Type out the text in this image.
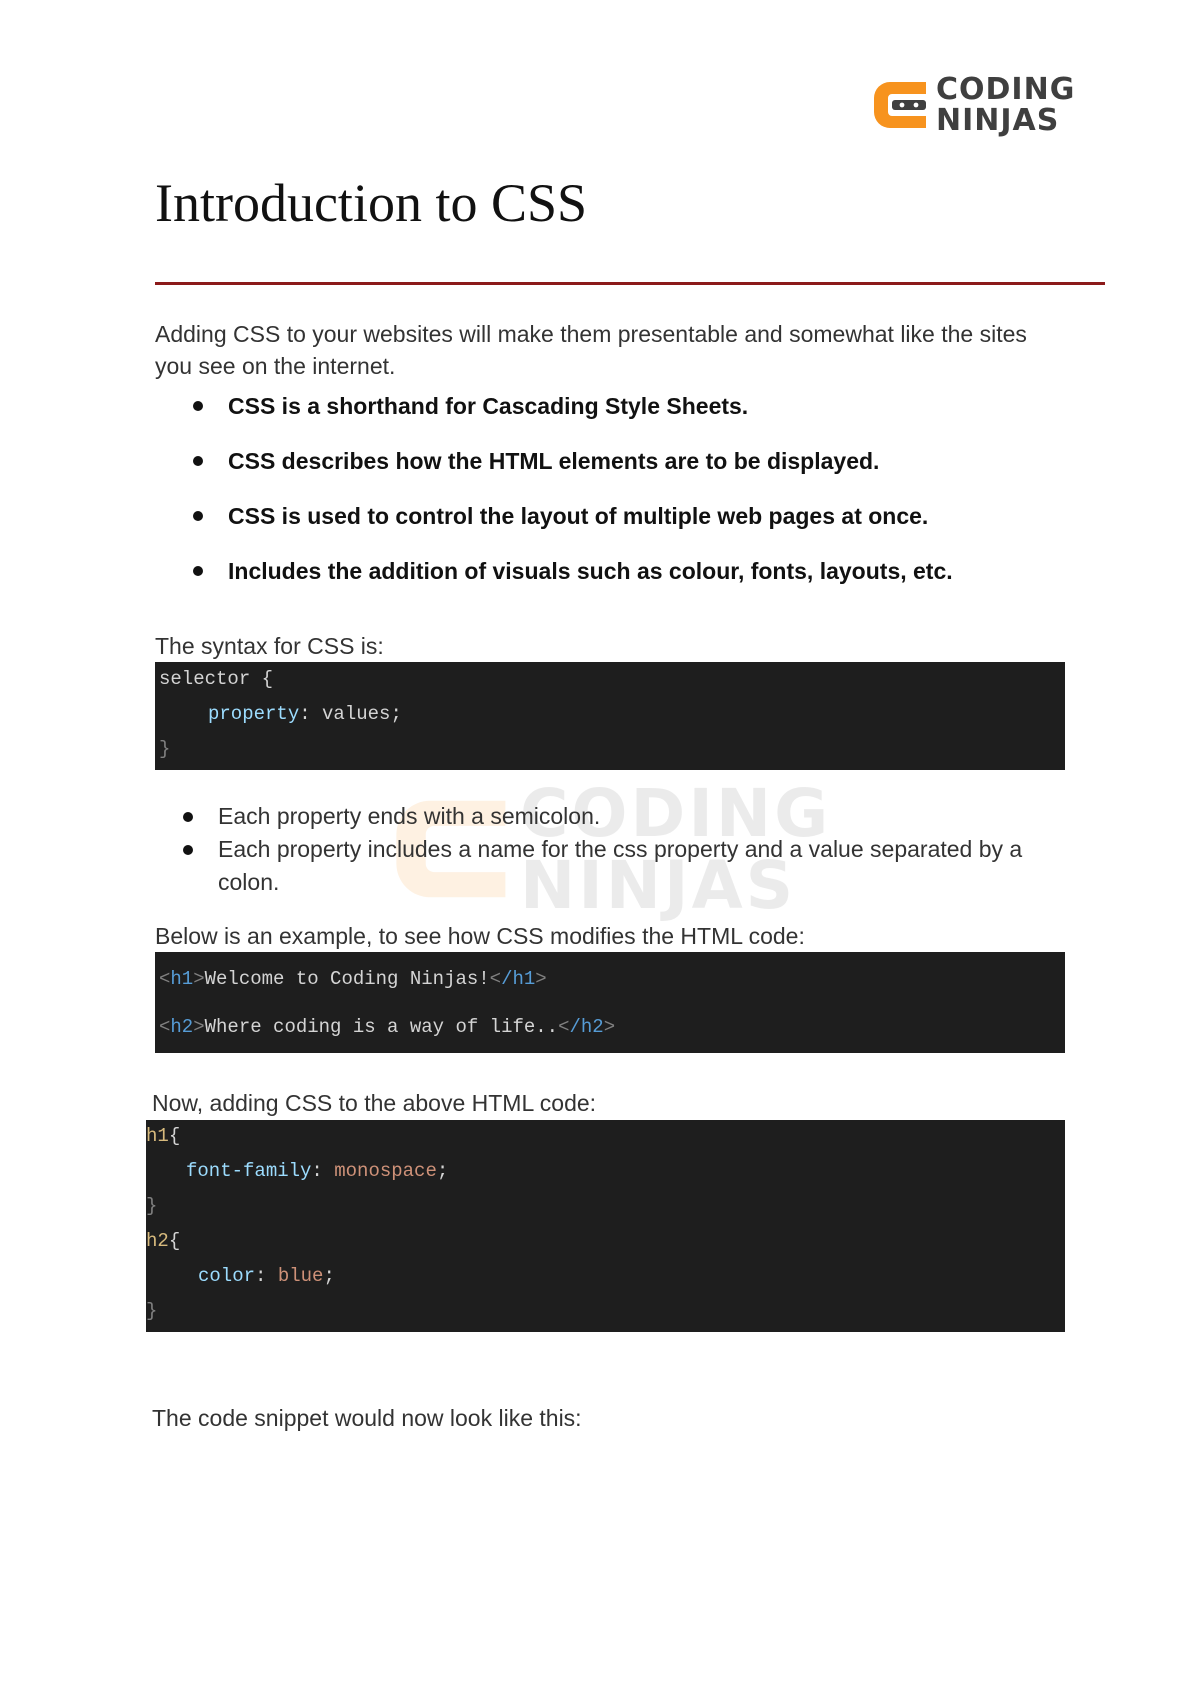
CODING
NINJAS
CODING
NINJAS
Introduction to CSS

Adding CSS to your websites will make them presentable and somewhat like the sites you see on the internet.

CSS is a shorthand for Cascading Style Sheets.
CSS describes how the HTML elements are to be displayed.
CSS is used to control the layout of multiple web pages at once.
Includes the addition of visuals such as colour, fonts, layouts, etc.

The syntax for CSS is:

selector {
property: values;
}
Each property ends with a semicolon.
Each property includes a name for the css property and a value separated by a colon.

Below is an example, to see how CSS modifies the HTML code:

<h1>Welcome to Coding Ninjas!</h1>
<h2>Where coding is a way of life..</h2>

Now, adding CSS to the above HTML code:

h1{
font-family: monospace;
}
h2{
color: blue;
}

The code snippet would now look like this:
